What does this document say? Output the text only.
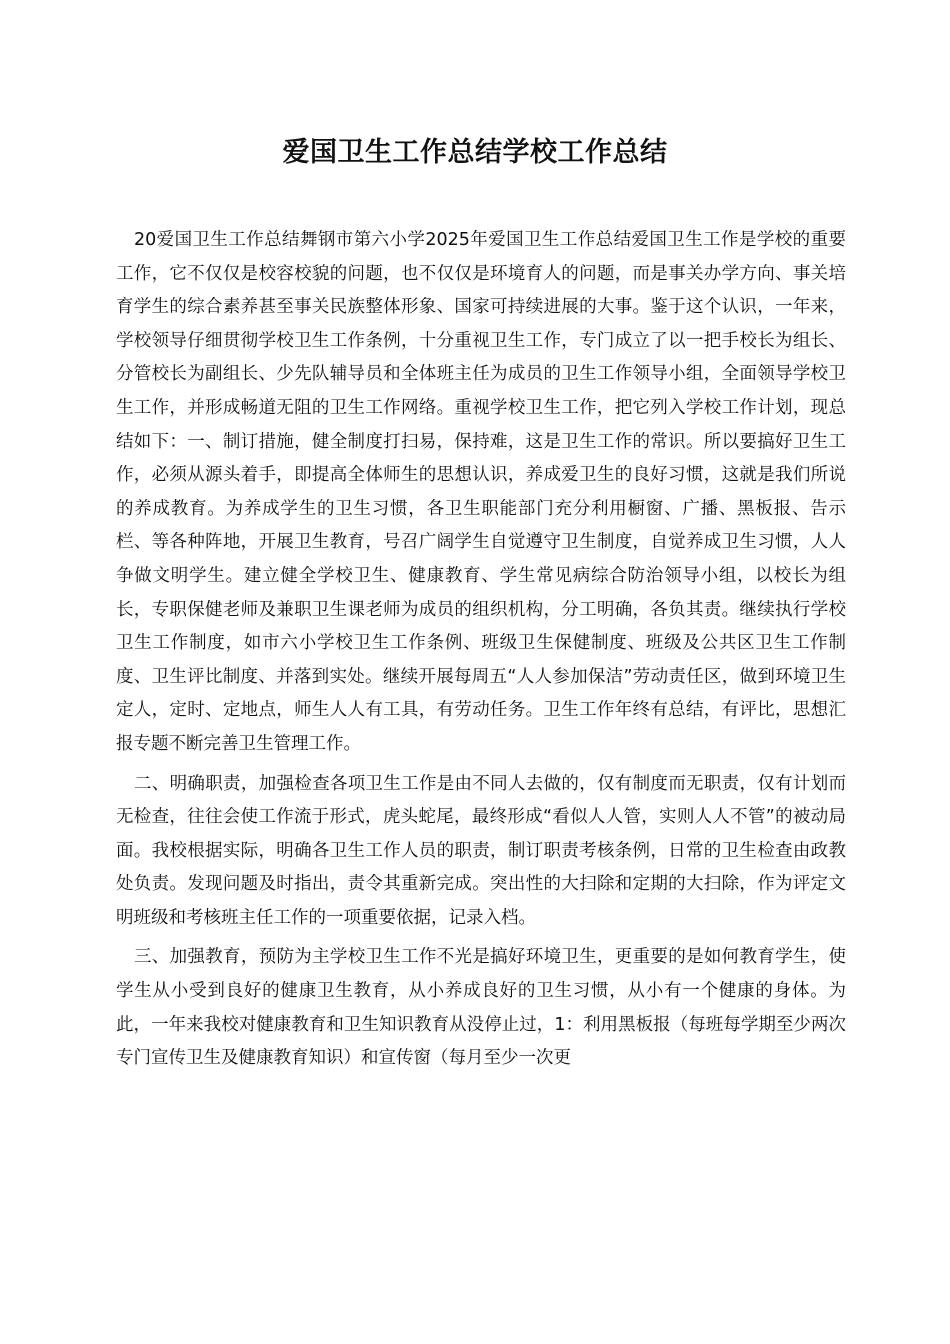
爱国卫生工作总结学校工作总结

20爱国卫生工作总结舞钢市第六小学2025年爱国卫生工作总结爱国卫生工作是学校的重要工作，它不仅仅是校容校貌的问题，也不仅仅是环境育人的问题，而是事关办学方向、事关培育学生的综合素养甚至事关民族整体形象、国家可持续进展的大事。鉴于这个认识，一年来，学校领导仔细贯彻学校卫生工作条例，十分重视卫生工作，专门成立了以一把手校长为组长、分管校长为副组长、少先队辅导员和全体班主任为成员的卫生工作领导小组，全面领导学校卫生工作，并形成畅道无阻的卫生工作网络。重视学校卫生工作，把它列入学校工作计划，现总结如下：一、制订措施，健全制度打扫易，保持难，这是卫生工作的常识。所以要搞好卫生工作，必须从源头着手，即提高全体师生的思想认识，养成爱卫生的良好习惯，这就是我们所说的养成教育。为养成学生的卫生习惯，各卫生职能部门充分利用橱窗、广播、黑板报、告示栏、等各种阵地，开展卫生教育，号召广阔学生自觉遵守卫生制度，自觉养成卫生习惯，人人争做文明学生。建立健全学校卫生、健康教育、学生常见病综合防治领导小组，以校长为组长，专职保健老师及兼职卫生课老师为成员的组织机构，分工明确，各负其责。继续执行学校卫生工作制度，如市六小学校卫生工作条例、班级卫生保健制度、班级及公共区卫生工作制度、卫生评比制度、并落到实处。继续开展每周五“人人参加保洁”劳动责任区，做到环境卫生定人，定时、定地点，师生人人有工具，有劳动任务。卫生工作年终有总结，有评比，思想汇报专题不断完善卫生管理工作。

二、明确职责，加强检查各项卫生工作是由不同人去做的，仅有制度而无职责，仅有计划而无检查，往往会使工作流于形式，虎头蛇尾，最终形成“看似人人管，实则人人不管”的被动局面。我校根据实际，明确各卫生工作人员的职责，制订职责考核条例，日常的卫生检查由政教处负责。发现问题及时指出，责令其重新完成。突出性的大扫除和定期的大扫除，作为评定文明班级和考核班主任工作的一项重要依据，记录入档。

三、加强教育，预防为主学校卫生工作不光是搞好环境卫生，更重要的是如何教育学生，使学生从小受到良好的健康卫生教育，从小养成良好的卫生习惯，从小有一个健康的身体。为此，一年来我校对健康教育和卫生知识教育从没停止过，1：利用黑板报（每班每学期至少两次专门宣传卫生及健康教育知识）和宣传窗（每月至少一次更
